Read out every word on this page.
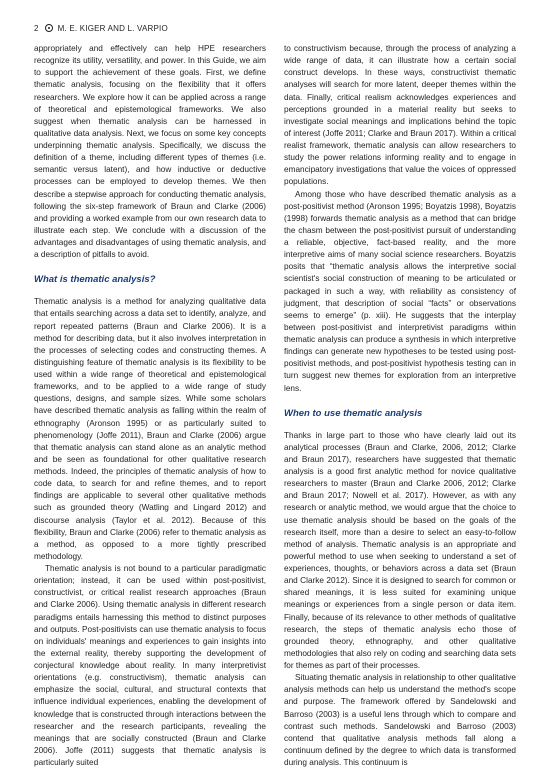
2 M. E. KIGER AND L. VARPIO

appropriately and effectively can help HPE researchers recognize its utility, versatility, and power. In this Guide, we aim to support the achievement of these goals. First, we define thematic analysis, focusing on the flexibility that it offers researchers. We explore how it can be applied across a range of theoretical and epistemological frameworks. We also suggest when thematic analysis can be harnessed in qualitative data analysis. Next, we focus on some key concepts underpinning thematic analysis. Specifically, we discuss the definition of a theme, including different types of themes (i.e. semantic versus latent), and how inductive or deductive processes can be employed to develop themes. We then describe a stepwise approach for conducting thematic analysis, following the six-step framework of Braun and Clarke (2006) and providing a worked example from our own research data to illustrate each step. We conclude with a discussion of the advantages and disadvantages of using thematic analysis, and a description of pitfalls to avoid.

What is thematic analysis?

Thematic analysis is a method for analyzing qualitative data that entails searching across a data set to identify, analyze, and report repeated patterns (Braun and Clarke 2006). It is a method for describing data, but it also involves interpretation in the processes of selecting codes and constructing themes. A distinguishing feature of thematic analysis is its flexibility to be used within a wide range of theoretical and epistemological frameworks, and to be applied to a wide range of study questions, designs, and sample sizes. While some scholars have described thematic analysis as falling within the realm of ethnography (Aronson 1995) or as particularly suited to phenomenology (Joffe 2011), Braun and Clarke (2006) argue that thematic analysis can stand alone as an analytic method and be seen as foundational for other qualitative research methods. Indeed, the principles of thematic analysis of how to code data, to search for and refine themes, and to report findings are applicable to several other qualitative methods such as grounded theory (Watling and Lingard 2012) and discourse analysis (Taylor et al. 2012). Because of this flexibility, Braun and Clarke (2006) refer to thematic analysis as a method, as opposed to a more tightly prescribed methodology.

Thematic analysis is not bound to a particular paradigmatic orientation; instead, it can be used within post-positivist, constructivist, or critical realist research approaches (Braun and Clarke 2006). Using thematic analysis in different research paradigms entails harnessing this method to distinct purposes and outputs. Post-positivists can use thematic analysis to focus on individuals' meanings and experiences to gain insights into the external reality, thereby supporting the development of conjectural knowledge about reality. In many interpretivist orientations (e.g. constructivism), thematic analysis can emphasize the social, cultural, and structural contexts that influence individual experiences, enabling the development of knowledge that is constructed through interactions between the researcher and the research participants, revealing the meanings that are socially constructed (Braun and Clarke 2006). Joffe (2011) suggests that thematic analysis is particularly suited

to constructivism because, through the process of analyzing a wide range of data, it can illustrate how a certain social construct develops. In these ways, constructivist thematic analyses will search for more latent, deeper themes within the data. Finally, critical realism acknowledges experiences and perceptions grounded in a material reality but seeks to investigate social meanings and implications behind the topic of interest (Joffe 2011; Clarke and Braun 2017). Within a critical realist framework, thematic analysis can allow researchers to study the power relations informing reality and to engage in emancipatory investigations that value the voices of oppressed populations.

Among those who have described thematic analysis as a post-positivist method (Aronson 1995; Boyatzis 1998), Boyatzis (1998) forwards thematic analysis as a method that can bridge the chasm between the post-positivist pursuit of understanding a reliable, objective, fact-based reality, and the more interpretive aims of many social science researchers. Boyatzis posits that “thematic analysis allows the interpretive social scientist's social construction of meaning to be articulated or packaged in such a way, with reliability as consistency of judgment, that description of social “facts” or observations seems to emerge” (p. xiii). He suggests that the interplay between post-positivist and interpretivist paradigms within thematic analysis can produce a synthesis in which interpretive findings can generate new hypotheses to be tested using post-positivist methods, and post-positivist hypothesis testing can in turn suggest new themes for exploration from an interpretive lens.

When to use thematic analysis

Thanks in large part to those who have clearly laid out its analytical processes (Braun and Clarke, 2006, 2012; Clarke and Braun 2017), researchers have suggested that thematic analysis is a good first analytic method for novice qualitative researchers to master (Braun and Clarke 2006, 2012; Clarke and Braun 2017; Nowell et al. 2017). However, as with any research or analytic method, we would argue that the choice to use thematic analysis should be based on the goals of the research itself, more than a desire to select an easy-to-follow method of analysis. Thematic analysis is an appropriate and powerful method to use when seeking to understand a set of experiences, thoughts, or behaviors across a data set (Braun and Clarke 2012). Since it is designed to search for common or shared meanings, it is less suited for examining unique meanings or experiences from a single person or data item. Finally, because of its relevance to other methods of qualitative research, the steps of thematic analysis echo those of grounded theory, ethnography, and other qualitative methodologies that also rely on coding and searching data sets for themes as part of their processes.

Situating thematic analysis in relationship to other qualitative analysis methods can help us understand the method's scope and purpose. The framework offered by Sandelowski and Barroso (2003) is a useful lens through which to compare and contrast such methods. Sandelowski and Barroso (2003) contend that qualitative analysis methods fall along a continuum defined by the degree to which data is transformed during analysis. This continuum is
